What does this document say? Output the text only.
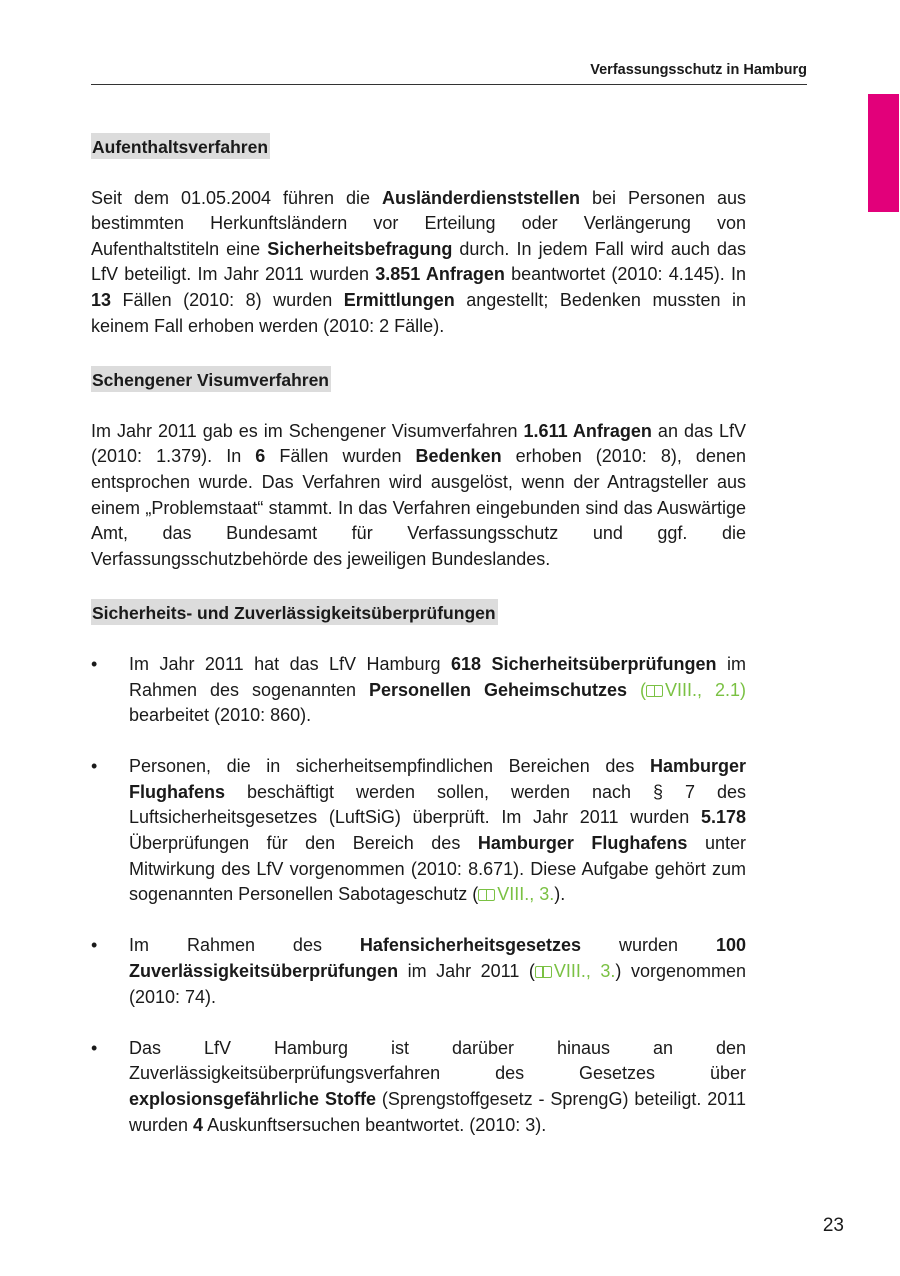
Verfassungsschutz in Hamburg
Aufenthaltsverfahren

Seit dem 01.05.2004 führen die Ausländerdienststellen bei Personen aus bestimmten Herkunftsländern vor Erteilung oder Verlängerung von Aufenthaltstiteln eine Sicherheitsbefragung durch. In jedem Fall wird auch das LfV beteiligt. Im Jahr 2011 wurden 3.851 Anfragen beantwortet (2010: 4.145). In 13 Fällen (2010: 8) wurden Ermittlungen angestellt; Bedenken mussten in keinem Fall erhoben werden (2010: 2 Fälle).

Schengener Visumverfahren

Im Jahr 2011 gab es im Schengener Visumverfahren 1.611 Anfragen an das LfV (2010: 1.379). In 6 Fällen wurden Bedenken erhoben (2010: 8), denen entsprochen wurde. Das Verfahren wird ausgelöst, wenn der Antragsteller aus einem „Problemstaat“ stammt. In das Verfahren eingebunden sind das Auswärtige Amt, das Bundesamt für Verfassungsschutz und ggf. die Verfassungsschutzbehörde des jeweiligen Bundeslandes.

Sicherheits- und Zuverlässigkeitsüberprüfungen
• Im Jahr 2011 hat das LfV Hamburg 618 Sicherheitsüberprüfungen im Rahmen des sogenannten Personellen Geheimschutzes ( VIII., 2.1) bearbeitet (2010: 860).
• Personen, die in sicherheitsempfindlichen Bereichen des Hamburger Flughafens beschäftigt werden sollen, werden nach § 7 des Luftsicherheitsgesetzes (LuftSiG) überprüft. Im Jahr 2011 wurden 5.178 Überprüfungen für den Bereich des Hamburger Flughafens unter Mitwirkung des LfV vorgenommen (2010: 8.671). Diese Aufgabe gehört zum sogenannten Personellen Sabotageschutz ( VIII., 3.).
• Im Rahmen des Hafensicherheitsgesetzes wurden 100 Zuverlässigkeitsüberprüfungen im Jahr 2011 ( VIII., 3.) vorgenommen (2010: 74).
• Das LfV Hamburg ist darüber hinaus an den Zuverlässigkeitsüberprüfungsverfahren des Gesetzes über explosionsgefährliche Stoffe (Sprengstoffgesetz - SprengG) beteiligt. 2011 wurden 4 Auskunftsersuchen beantwortet. (2010: 3).
23
